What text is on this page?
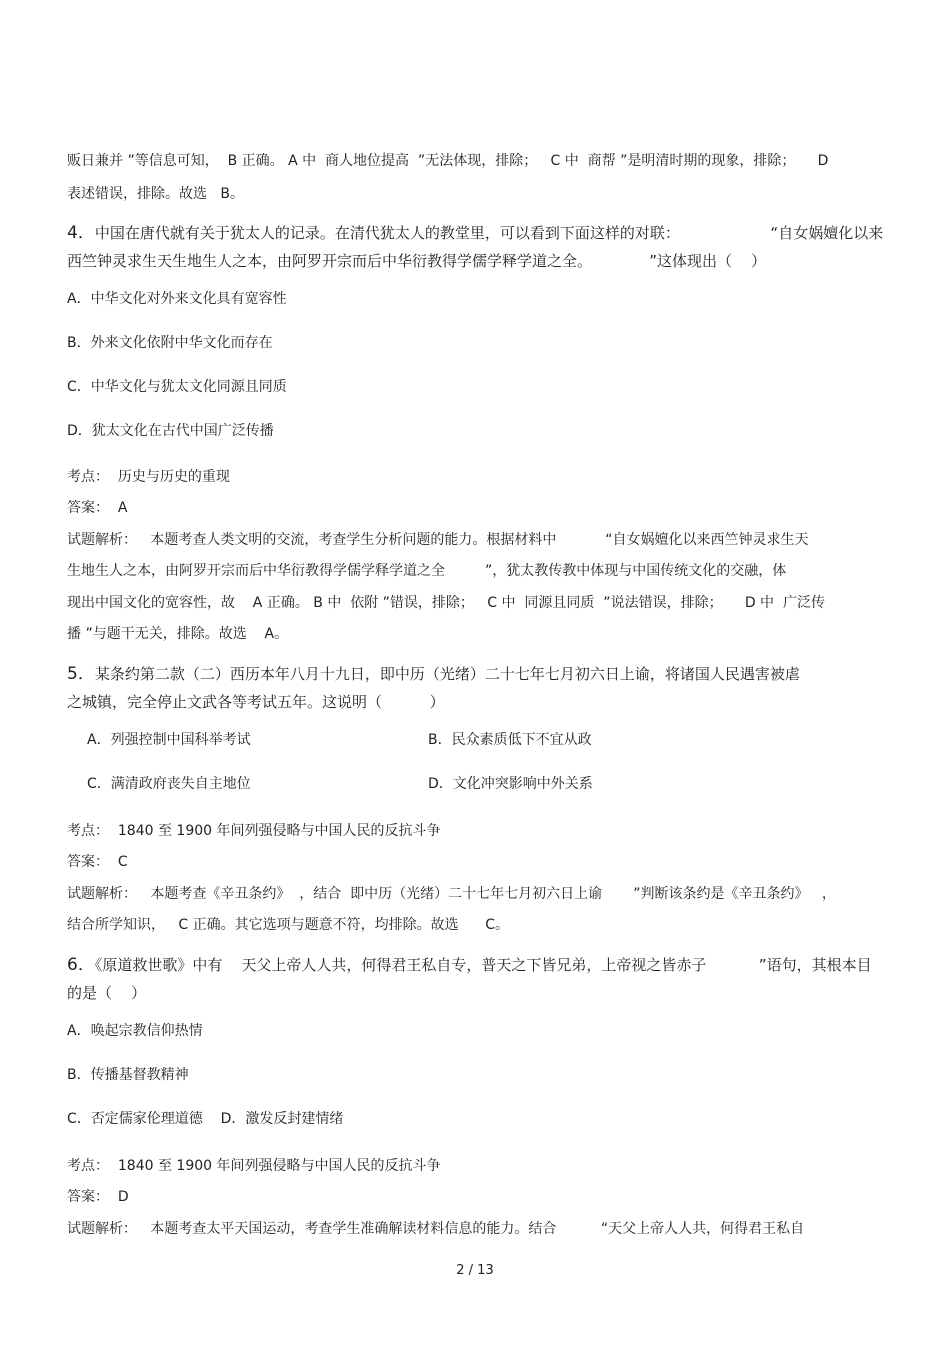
贩日兼并 ”等信息可知，  B 正确。 A 中  商人地位提高  ”无法体现，排除；   C 中  商帮 ”是明清时期的现象，排除；     D
表述错误，排除。故选   B。
4．中国在唐代就有关于犹太人的记录。在清代犹太人的教堂里，可以看到下面这样的对联：                   “自女娲嬗化以来
西竺钟灵求生天生地生人之本，由阿罗开宗而后中华衍教得学儒学释学道之全。            ”这体现出（    ）
A．中华文化对外来文化具有宽容性
B．外来文化依附中华文化而存在
C．中华文化与犹太文化同源且同质
D．犹太文化在古代中国广泛传播
考点：  历史与历史的重现
答案：  A
试题解析：   本题考查人类文明的交流，考查学生分析问题的能力。根据材料中           “自女娲嬗化以来西竺钟灵求生天
生地生人之本，由阿罗开宗而后中华衍教得学儒学释学道之全         ”，犹太教传教中体现与中国传统文化的交融，体
现出中国文化的宽容性，故    A 正确。 B 中  依附 ”错误，排除；   C 中  同源且同质  ”说法错误，排除；     D 中  广泛传
播 ”与题干无关，排除。故选    A。
5．某条约第二款（二）西历本年八月十九日，即中历（光绪）二十七年七月初六日上谕，将诸国人民遇害被虐
之城镇，完全停止文武各等考试五年。这说明（          ）
A．列强控制中国科举考试	B．民众素质低下不宜从政
C．满清政府丧失自主地位	D．文化冲突影响中外关系
考点：  1840 至 1900 年间列强侵略与中国人民的反抗斗争
答案：  C
试题解析：   本题考查《辛丑条约》  ，结合  即中历（光绪）二十七年七月初六日上谕       ”判断该条约是《辛丑条约》   ，
结合所学知识，   C 正确。其它选项与题意不符，均排除。故选      C。
6．《原道救世歌》中有    天父上帝人人共，何得君王私自专，普天之下皆兄弟，上帝视之皆赤子           ”语句，其根本目
的是（    ）
A．唤起宗教信仰热情
B．传播基督教精神
C．否定儒家伦理道德    D．激发反封建情绪
考点：  1840 至 1900 年间列强侵略与中国人民的反抗斗争
答案：  D
试题解析：   本题考查太平天国运动，考查学生准确解读材料信息的能力。结合          “天父上帝人人共，何得君王私自
2 / 13
